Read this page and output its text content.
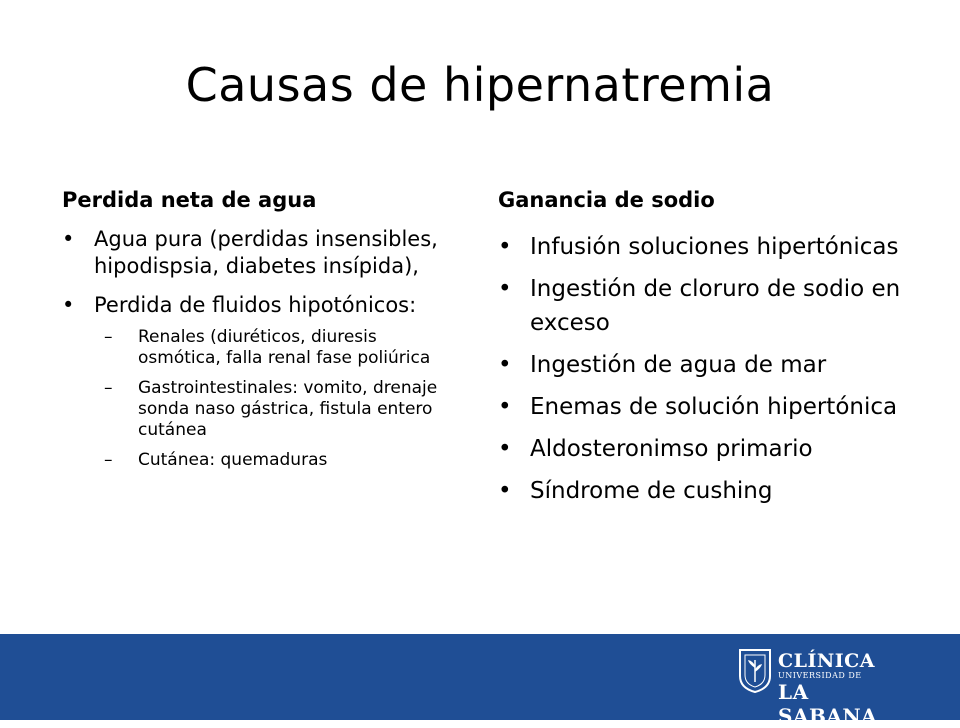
Causas de hipernatremia
Perdida neta de agua
• Agua pura (perdidas insensibles, hipodispsia, diabetes insípida),
• Perdida de fluidos hipotónicos:
– Renales (diuréticos, diuresis osmótica, falla renal fase poliúrica
– Gastrointestinales: vomito, drenaje sonda naso gástrica, fistula entero cutánea
– Cutánea: quemaduras
Ganancia de sodio
• Infusión soluciones hipertónicas
• Ingestión de cloruro de sodio en exceso
• Ingestión de agua de mar
• Enemas de solución hipertónica
• Aldosteronimso primario
• Síndrome de cushing
CLÍNICA
UNIVERSIDAD DE
LA SABANA
